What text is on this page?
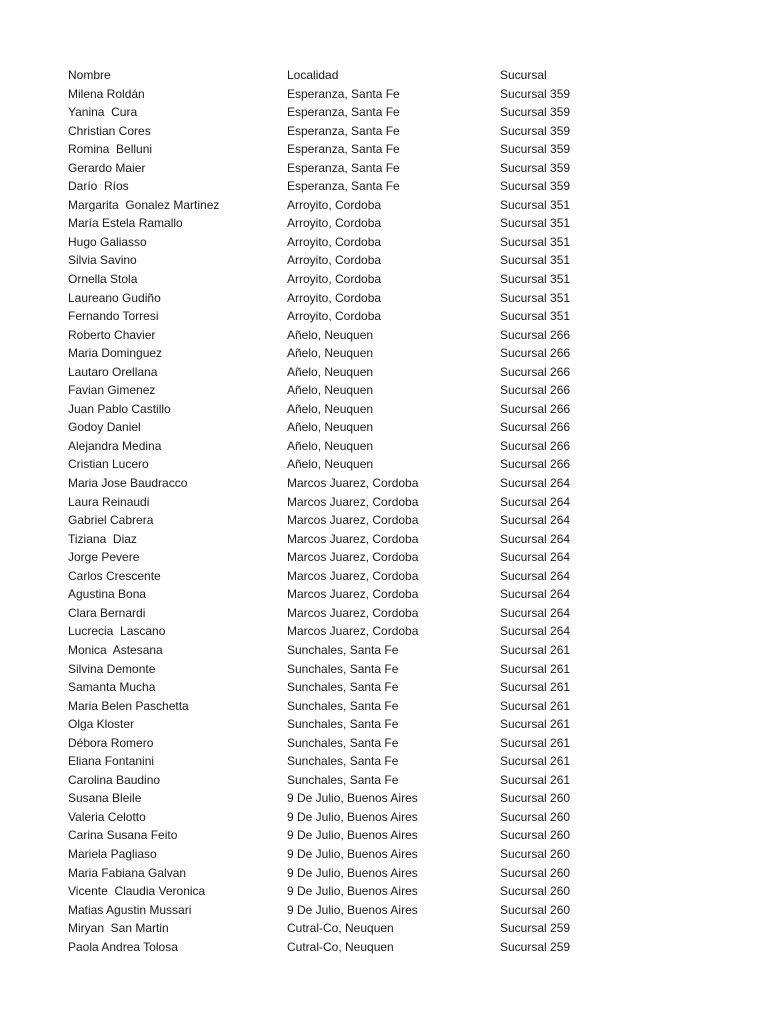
Nombre	Localidad	Sucursal
Milena Roldán	Esperanza, Santa Fe	Sucursal 359
Yanina  Cura	Esperanza, Santa Fe	Sucursal 359
Christian Cores	Esperanza, Santa Fe	Sucursal 359
Romina  Belluni	Esperanza, Santa Fe	Sucursal 359
Gerardo Maier	Esperanza, Santa Fe	Sucursal 359
Darío  Ríos	Esperanza, Santa Fe	Sucursal 359
Margarita  Gonalez Martinez	Arroyito, Cordoba	Sucursal 351
María Estela Ramallo	Arroyito, Cordoba	Sucursal 351
Hugo Galiasso	Arroyito, Cordoba	Sucursal 351
Silvia Savino	Arroyito, Cordoba	Sucursal 351
Ornella Stola	Arroyito, Cordoba	Sucursal 351
Laureano Gudiño	Arroyito, Cordoba	Sucursal 351
Fernando Torresi	Arroyito, Cordoba	Sucursal 351
Roberto Chavier	Añelo, Neuquen	Sucursal 266
Maria Dominguez	Añelo, Neuquen	Sucursal 266
Lautaro Orellana	Añelo, Neuquen	Sucursal 266
Favian Gimenez	Añelo, Neuquen	Sucursal 266
Juan Pablo Castillo	Añelo, Neuquen	Sucursal 266
Godoy Daniel	Añelo, Neuquen	Sucursal 266
Alejandra Medina	Añelo, Neuquen	Sucursal 266
Cristian Lucero	Añelo, Neuquen	Sucursal 266
Maria Jose Baudracco	Marcos Juarez, Cordoba	Sucursal 264
Laura Reinaudi	Marcos Juarez, Cordoba	Sucursal 264
Gabriel Cabrera	Marcos Juarez, Cordoba	Sucursal 264
Tiziana  Diaz	Marcos Juarez, Cordoba	Sucursal 264
Jorge Pevere	Marcos Juarez, Cordoba	Sucursal 264
Carlos Crescente	Marcos Juarez, Cordoba	Sucursal 264
Agustina Bona	Marcos Juarez, Cordoba	Sucursal 264
Clara Bernardi	Marcos Juarez, Cordoba	Sucursal 264
Lucrecia  Lascano	Marcos Juarez, Cordoba	Sucursal 264
Monica  Astesana	Sunchales, Santa Fe	Sucursal 261
Silvina Demonte	Sunchales, Santa Fe	Sucursal 261
Samanta Mucha	Sunchales, Santa Fe	Sucursal 261
Maria Belen Paschetta	Sunchales, Santa Fe	Sucursal 261
Olga Kloster	Sunchales, Santa Fe	Sucursal 261
Débora Romero	Sunchales, Santa Fe	Sucursal 261
Eliana Fontanini	Sunchales, Santa Fe	Sucursal 261
Carolina Baudino	Sunchales, Santa Fe	Sucursal 261
Susana Bleile	9 De Julio, Buenos Aires	Sucursal 260
Valeria Celotto	9 De Julio, Buenos Aires	Sucursal 260
Carina Susana Feito	9 De Julio, Buenos Aires	Sucursal 260
Mariela Pagliaso	9 De Julio, Buenos Aires	Sucursal 260
Maria Fabiana Galvan	9 De Julio, Buenos Aires	Sucursal 260
Vicente  Claudia Veronica	9 De Julio, Buenos Aires	Sucursal 260
Matias Agustin Mussari	9 De Julio, Buenos Aires	Sucursal 260
Miryan  San Martin	Cutral-Co, Neuquen	Sucursal 259
Paola Andrea Tolosa	Cutral-Co, Neuquen	Sucursal 259
